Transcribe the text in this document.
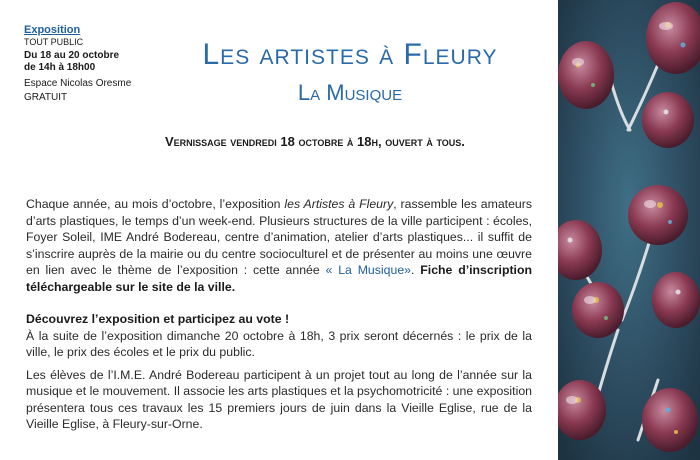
Exposition
TOUT PUBLIC
Du 18 au 20 octobre
de 14h à 18h00
Espace Nicolas Oresme
GRATUIT
Les artistes à Fleury
La Musique
Vernissage vendredi 18 octobre à 18h, ouvert à tous.

Chaque année, au mois d’octobre, l’exposition les Artistes à Fleury, rassemble les amateurs d’arts plastiques, le temps d’un week-end. Plusieurs structures de la ville participent : écoles, Foyer Soleil, IME André Bodereau, centre d’animation, atelier d’arts plastiques... il suffit de s’inscrire auprès de la mairie ou du centre socioculturel et de présenter au moins une œuvre en lien avec le thème de l’exposition : cette année « La Musique». Fiche d’inscription téléchargeable sur le site de la ville.

Découvrez l’exposition et participez au vote !
À la suite de l’exposition dimanche 20 octobre à 18h, 3 prix seront décernés : le prix de la ville, le prix des écoles et le prix du public.

Les élèves de l’I.M.E. André Bodereau participent à un projet tout au long de l’année sur la musique et le mouvement. Il associe les arts plastiques et la psychomotricité : une exposition présentera tous ces travaux les 15 premiers jours de juin dans la Vieille Eglise, rue de la Vieille Eglise, à Fleury-sur-Orne.
